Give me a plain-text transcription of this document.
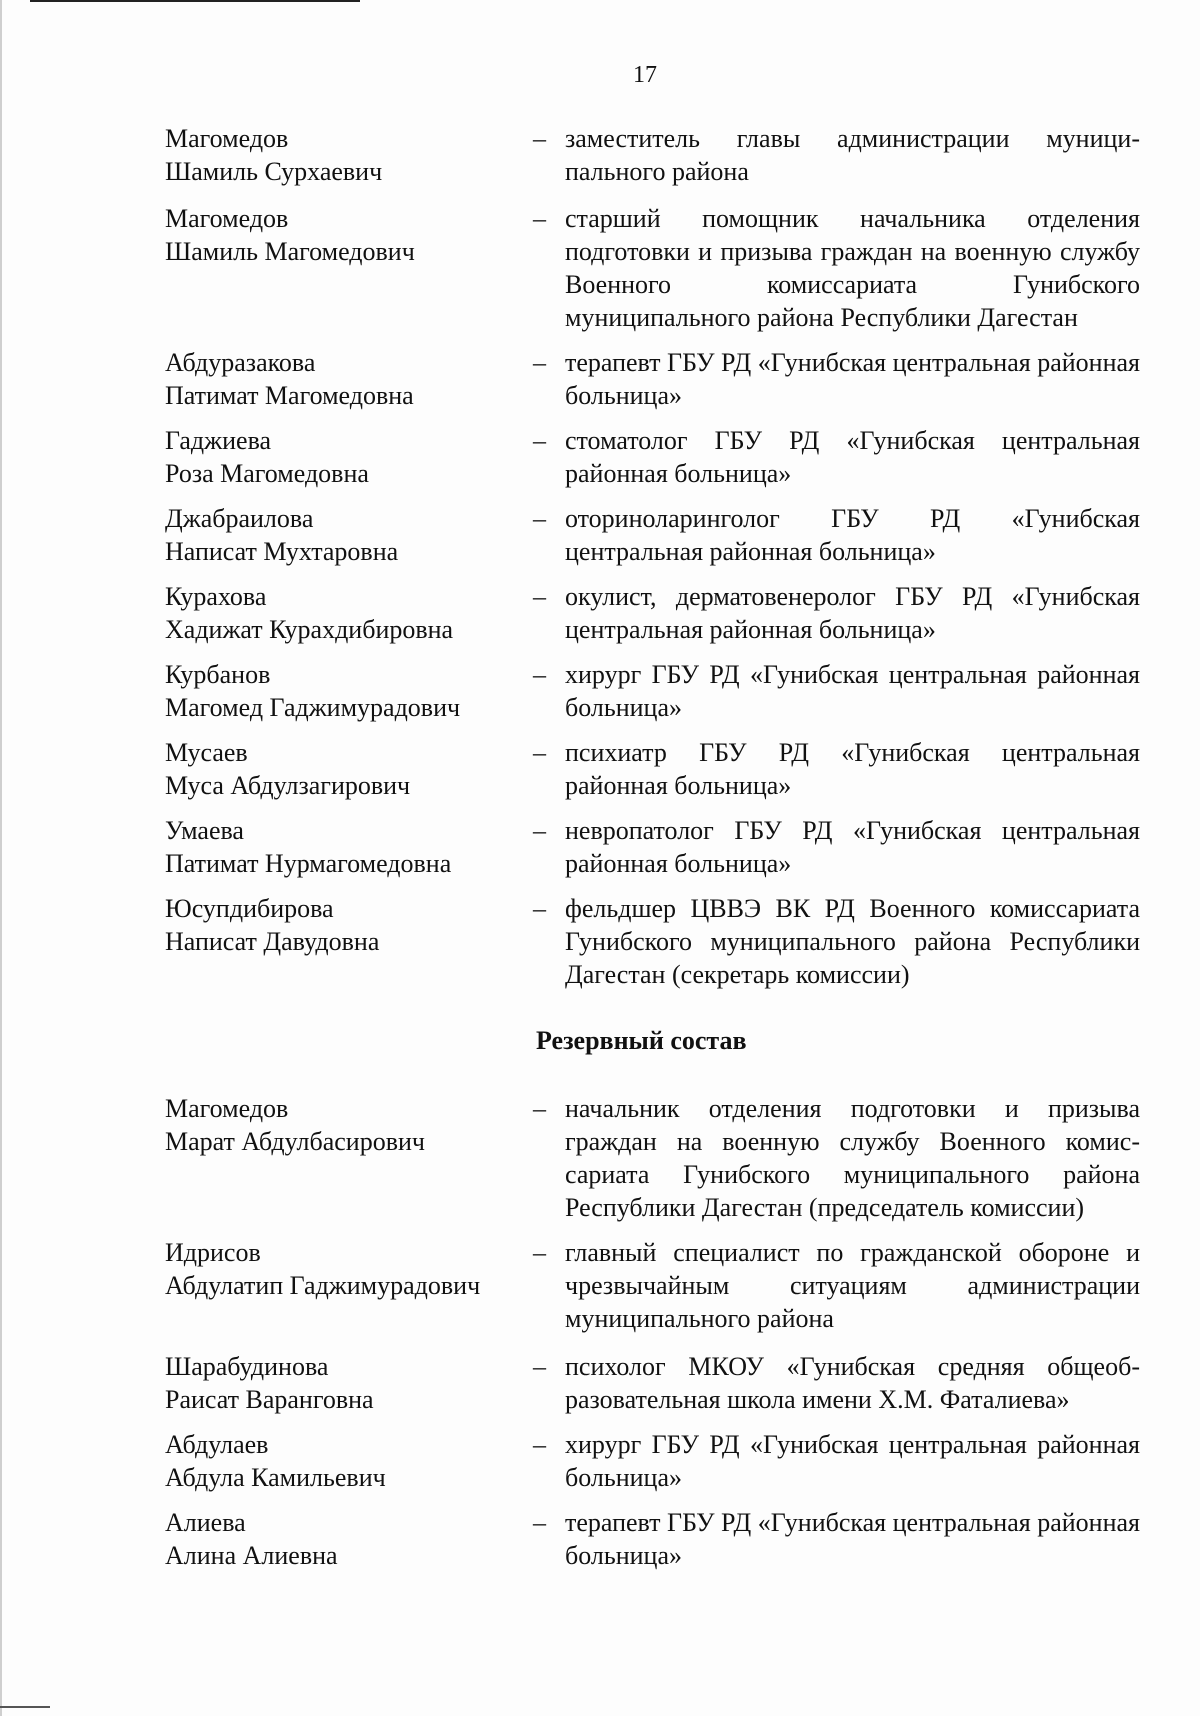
17
Магомедов
Шамиль Сурхаевич
– заместитель главы администрации муниципального района
Магомедов
Шамиль Магомедович
– старший помощник начальника отделения подготовки и призыва граждан на военную службу Военного комиссариата Гунибского муниципального района Республики Дагестан
Абдуразакова
Патимат Магомедовна
– терапевт ГБУ РД «Гунибская центральная районная больница»
Гаджиева
Роза Магомедовна
– стоматолог ГБУ РД «Гунибская центральная районная больница»
Джабраилова
Написат Мухтаровна
– оториноларинголог ГБУ РД «Гунибская центральная районная больница»
Курахова
Хадижат Курахдибировна
– окулист, дерматовенеролог ГБУ РД «Гунибская центральная районная больница»
Курбанов
Магомед Гаджимурадович
– хирург ГБУ РД «Гунибская центральная районная больница»
Мусаев
Муса Абдулзагирович
– психиатр ГБУ РД «Гунибская центральная районная больница»
Умаева
Патимат Нурмагомедовна
– невропатолог ГБУ РД «Гунибская центральная районная больница»
Юсупдибирова
Написат Давудовна
– фельдшер ЦВВЭ ВК РД Военного комиссариата Гунибского муниципального района Республики Дагестан (секретарь комиссии)
Резервный состав
Магомедов
Марат Абдулбасирович
– начальник отделения подготовки и призыва граждан на военную службу Военного комиссариата Гунибского муниципального района Республики Дагестан (председатель комиссии)
Идрисов
Абдулатип Гаджимурадович
– главный специалист по гражданской обороне и чрезвычайным ситуациям администрации муниципального района
Шарабудинова
Раисат Варанговна
– психолог МКОУ «Гунибская средняя общеобразовательная школа имени Х.М. Фаталиева»
Абдулаев
Абдула Камильевич
– хирург ГБУ РД «Гунибская центральная районная больница»
Алиева
Алина Алиевна
– терапевт ГБУ РД «Гунибская центральная районная больница»
